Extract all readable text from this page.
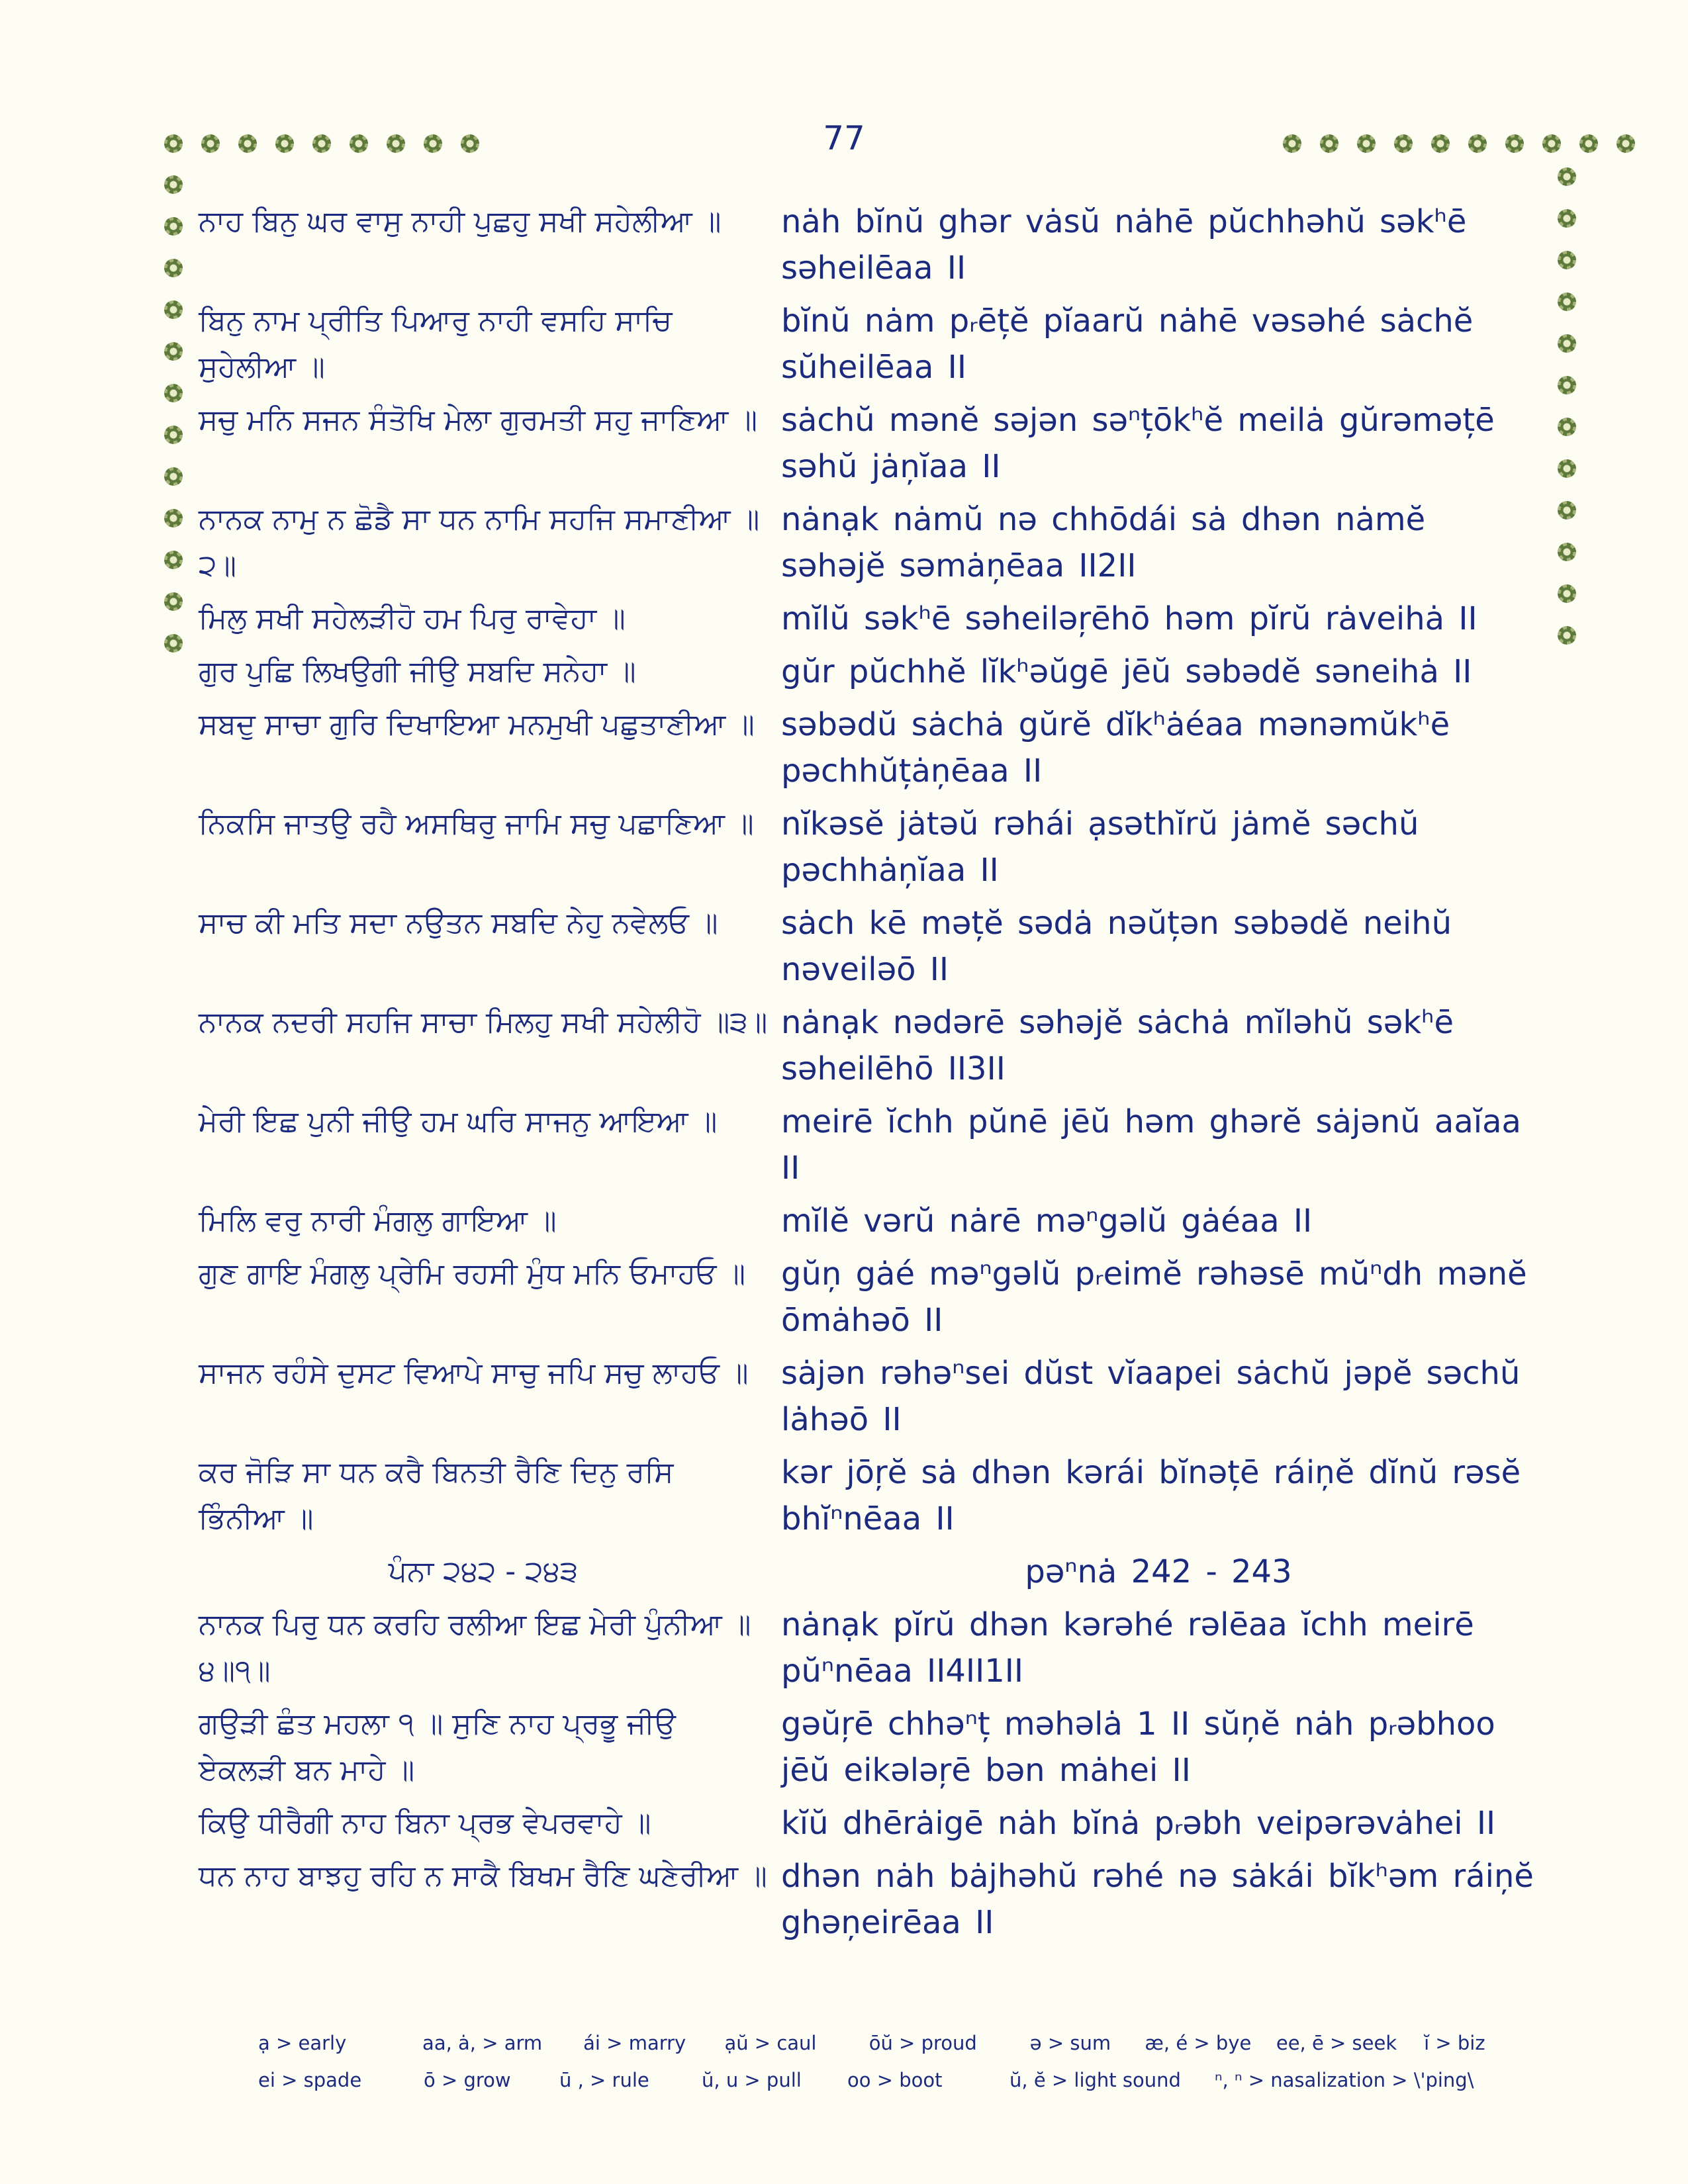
77
ਨਾਹ ਬਿਨੁ ਘਰ ਵਾਸੁ ਨਾਹੀ ਪੁਛਹੁ ਸਖੀ ਸਹੇਲੀਆ ॥	nȧh bĭnŭ ghər vȧsŭ nȧhē pŭchhəhŭ səkʰē səheilēaa II
ਬਿਨੁ ਨਾਮ ਪ੍ਰੀਤਿ ਪਿਆਰੁ ਨਾਹੀ ਵਸਹਿ ਸਾਚਿ ਸੁਹੇਲੀਆ ॥
bĭnŭ nȧm pᵣēțĕ pĭaarŭ nȧhē vəsəhé sȧchĕ sŭheilēaa II
ਸਚੁ ਮਨਿ ਸਜਨ ਸੰਤੋਖਿ ਮੇਲਾ ਗੁਰਮਤੀ ਸਹੁ ਜਾਣਿਆ ॥ sȧchŭ mənĕ səjən səⁿțōkʰĕ meilȧ gŭrəməțē səhŭ jȧņĭaa II
ਨਾਨਕ ਨਾਮੁ ਨ ਛੋਡੈ ਸਾ ਧਨ ਨਾਮਿ ਸਹਜਿ ਸਮਾਣੀਆ ॥੨॥
nȧnạk nȧmŭ nə chhōdái sȧ dhən nȧmĕ səhəjĕ səmȧņēaa II2II
ਮਿਲੁ ਸਖੀ ਸਹੇਲੜੀਹੋ ਹਮ ਪਿਰੁ ਰਾਵੇਹਾ ॥	mĭlŭ səkʰē səheiləŗēhō həm pĭrŭ rȧveihȧ II
ਗੁਰ ਪੁਛਿ ਲਿਖਉਗੀ ਜੀਉ ਸਬਦਿ ਸਨੇਹਾ ॥	gŭr pŭchhĕ lĭkʰəŭgē jēŭ səbədĕ səneihȧ II
ਸਬਦੁ ਸਾਚਾ ਗੁਰਿ ਦਿਖਾਇਆ ਮਨਮੁਖੀ ਪਛੁਤਾਣੀਆ ॥ səbədŭ sȧchȧ gŭrĕ dĭkʰȧéaa mənəmŭkʰē pəchhŭțȧņēaa II
ਨਿਕਸਿ ਜਾਤਉ ਰਹੈ ਅਸਥਿਰੁ ਜਾਮਿ ਸਚੁ ਪਛਾਣਿਆ ॥ nĭkəsĕ jȧtəŭ rəhái ạsəthĭrŭ jȧmĕ səchŭ pəchhȧņĭaa II
ਸਾਚ ਕੀ ਮਤਿ ਸਦਾ ਨਉਤਨ ਸਬਦਿ ਨੇਹੁ ਨਵੇਲਓ ॥	sȧch kē məțĕ sədȧ nəŭțən səbədĕ neihŭ nəveiləō II
ਨਾਨਕ ਨਦਰੀ ਸਹਜਿ ਸਾਚਾ ਮਿਲਹੁ ਸਖੀ ਸਹੇਲੀਹੋ ॥੩॥ nȧnạk nədərē səhəjĕ sȧchȧ mĭləhŭ səkʰē səheilēhō II3II
ਮੇਰੀ ਇਛ ਪੁਨੀ ਜੀਉ ਹਮ ਘਰਿ ਸਾਜਨੁ ਆਇਆ ॥	meirē ĭchh pŭnē jēŭ həm ghərĕ sȧjənŭ aaĭaa II
ਮਿਲਿ ਵਰੁ ਨਾਰੀ ਮੰਗਲੁ ਗਾਇਆ ॥	mĭlĕ vərŭ nȧrē məⁿgəlŭ gȧéaa II
ਗੁਣ ਗਾਇ ਮੰਗਲੁ ਪ੍ਰੇਮਿ ਰਹਸੀ ਮੁੰਧ ਮਨਿ ਓਮਾਹਓ ॥	gŭņ gȧé məⁿgəlŭ pᵣeimĕ rəhəsē mŭⁿdh mənĕ ōmȧhəō II
ਸਾਜਨ ਰਹੰਸੇ ਦੁਸਟ ਵਿਆਪੇ ਸਾਚੁ ਜਪਿ ਸਚੁ ਲਾਹਓ ॥	sȧjən rəhəⁿsei dŭst vĭaapei sȧchŭ jəpĕ səchŭ lȧhəō II
ਕਰ ਜੋੜਿ ਸਾ ਧਨ ਕਰੈ ਬਿਨਤੀ ਰੈਣਿ ਦਿਨੁ ਰਸਿ ਭਿੰਨੀਆ ॥
kər jōŗĕ sȧ dhən kərái bĭnəțē ráiņĕ dĭnŭ rəsĕ bhĭⁿnēaa II
ਪੰਨਾ ੨੪੨ - ੨੪੩	pəⁿnȧ 242 - 243
ਨਾਨਕ ਪਿਰੁ ਧਨ ਕਰਹਿ ਰਲੀਆ ਇਛ ਮੇਰੀ ਪੁੰਨੀਆ ॥੪॥੧॥
nȧnạk pĭrŭ dhən kərəhé rəlēaa ĭchh meirē pŭⁿnēaa II4II1II
ਗਉੜੀ ਛੰਤ ਮਹਲਾ ੧ ॥ ਸੁਣਿ ਨਾਹ ਪ੍ਰਭੂ ਜੀਉ ਏਕਲੜੀ ਬਨ ਮਾਹੇ ॥
gəŭŗē chhəⁿț məhəlȧ 1 II sŭņĕ nȧh pᵣəbhoo jēŭ eikələŗē bən mȧhei II
ਕਿਉ ਧੀਰੈਗੀ ਨਾਹ ਬਿਨਾ ਪ੍ਰਭ ਵੇਪਰਵਾਹੇ ॥	kĭŭ dhērȧigē nȧh bĭnȧ pᵣəbh veipərəvȧhei II
ਧਨ ਨਾਹ ਬਾਝਹੁ ਰਹਿ ਨ ਸਾਕੈ ਬਿਖਮ ਰੈਣਿ ਘਣੇਰੀਆ ॥ dhən nȧh bȧjhəhŭ rəhé nə sȧkái bĭkʰəm ráiņĕ ghəņeirēaa II
ạ > early	aa, ȧ, > arm	ái > marry	ạŭ > caul	ōŭ > proud	ə > sum	æ, é > bye	ee, ē > seek	ĭ > biz
ei > spade	ō > grow	ū , > rule	ŭ, u > pull	oo > boot	ŭ, ĕ > light sound	ⁿ, ⁿ > nasalization > \'ping\
